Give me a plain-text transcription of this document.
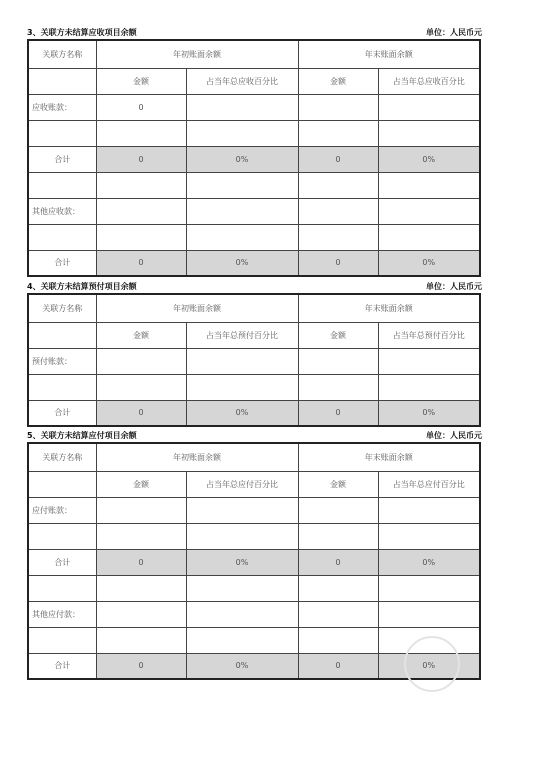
3、关联方未结算应收项目余额	单位：人民币元
关联方名称	年初账面余额		年末账面余额	
	金额	占当年总应收百分比	金额	占当年总应收百分比
应收账款：	0			

合计	0	0%	0	0%

其他应收款：				

合计	0	0%	0	0%
4、关联方未结算预付项目余额	单位：人民币元
关联方名称	年初账面余额		年末账面余额	
	金额	占当年总预付百分比	金额	占当年总预付百分比
预付账款：				

合计	0	0%	0	0%
5、关联方未结算应付项目余额	单位：人民币元
关联方名称	年初账面余额		年末账面余额	
	金额	占当年总应付百分比	金额	占当年总应付百分比
应付账款：				

合计	0	0%	0	0%

其他应付款：				

合计	0	0%	0	0%
